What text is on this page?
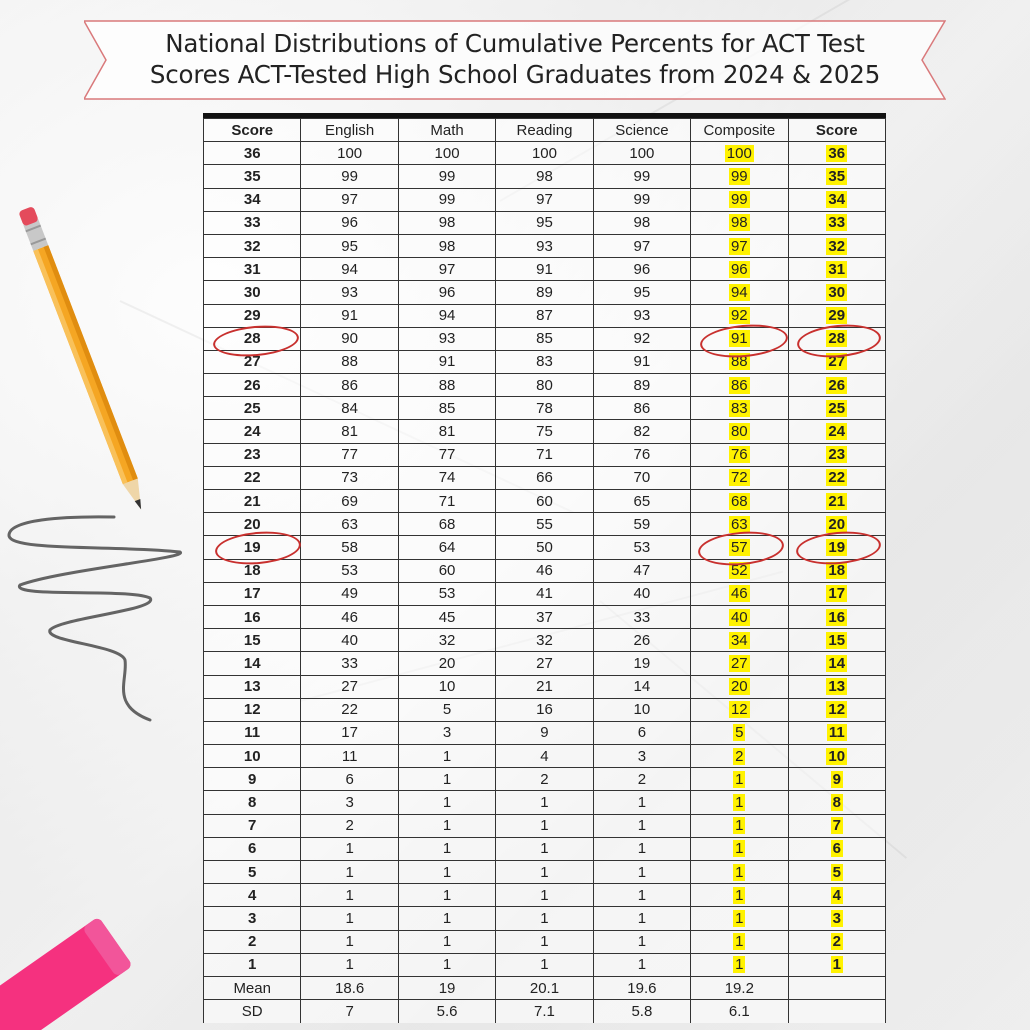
National Distributions of Cumulative Percents for ACT Test
Scores ACT-Tested High School Graduates from 2024 & 2025
Score	English	Math	Reading	Science	Composite	Score
36	100	100	100	100	100	36
35	99	99	98	99	99	35
34	97	99	97	99	99	34
33	96	98	95	98	98	33
32	95	98	93	97	97	32
31	94	97	91	96	96	31
30	93	96	89	95	94	30
29	91	94	87	93	92	29
28	90	93	85	92	91	28
27	88	91	83	91	88	27
26	86	88	80	89	86	26
25	84	85	78	86	83	25
24	81	81	75	82	80	24
23	77	77	71	76	76	23
22	73	74	66	70	72	22
21	69	71	60	65	68	21
20	63	68	55	59	63	20
19	58	64	50	53	57	19
18	53	60	46	47	52	18
17	49	53	41	40	46	17
16	46	45	37	33	40	16
15	40	32	32	26	34	15
14	33	20	27	19	27	14
13	27	10	21	14	20	13
12	22	5	16	10	12	12
11	17	3	9	6	5	11
10	11	1	4	3	2	10
9	6	1	2	2	1	9
8	3	1	1	1	1	8
7	2	1	1	1	1	7
6	1	1	1	1	1	6
5	1	1	1	1	1	5
4	1	1	1	1	1	4
3	1	1	1	1	1	3
2	1	1	1	1	1	2
1	1	1	1	1	1	1
Mean	18.6	19	20.1	19.6	19.2	
SD	7	5.6	7.1	5.8	6.1	
